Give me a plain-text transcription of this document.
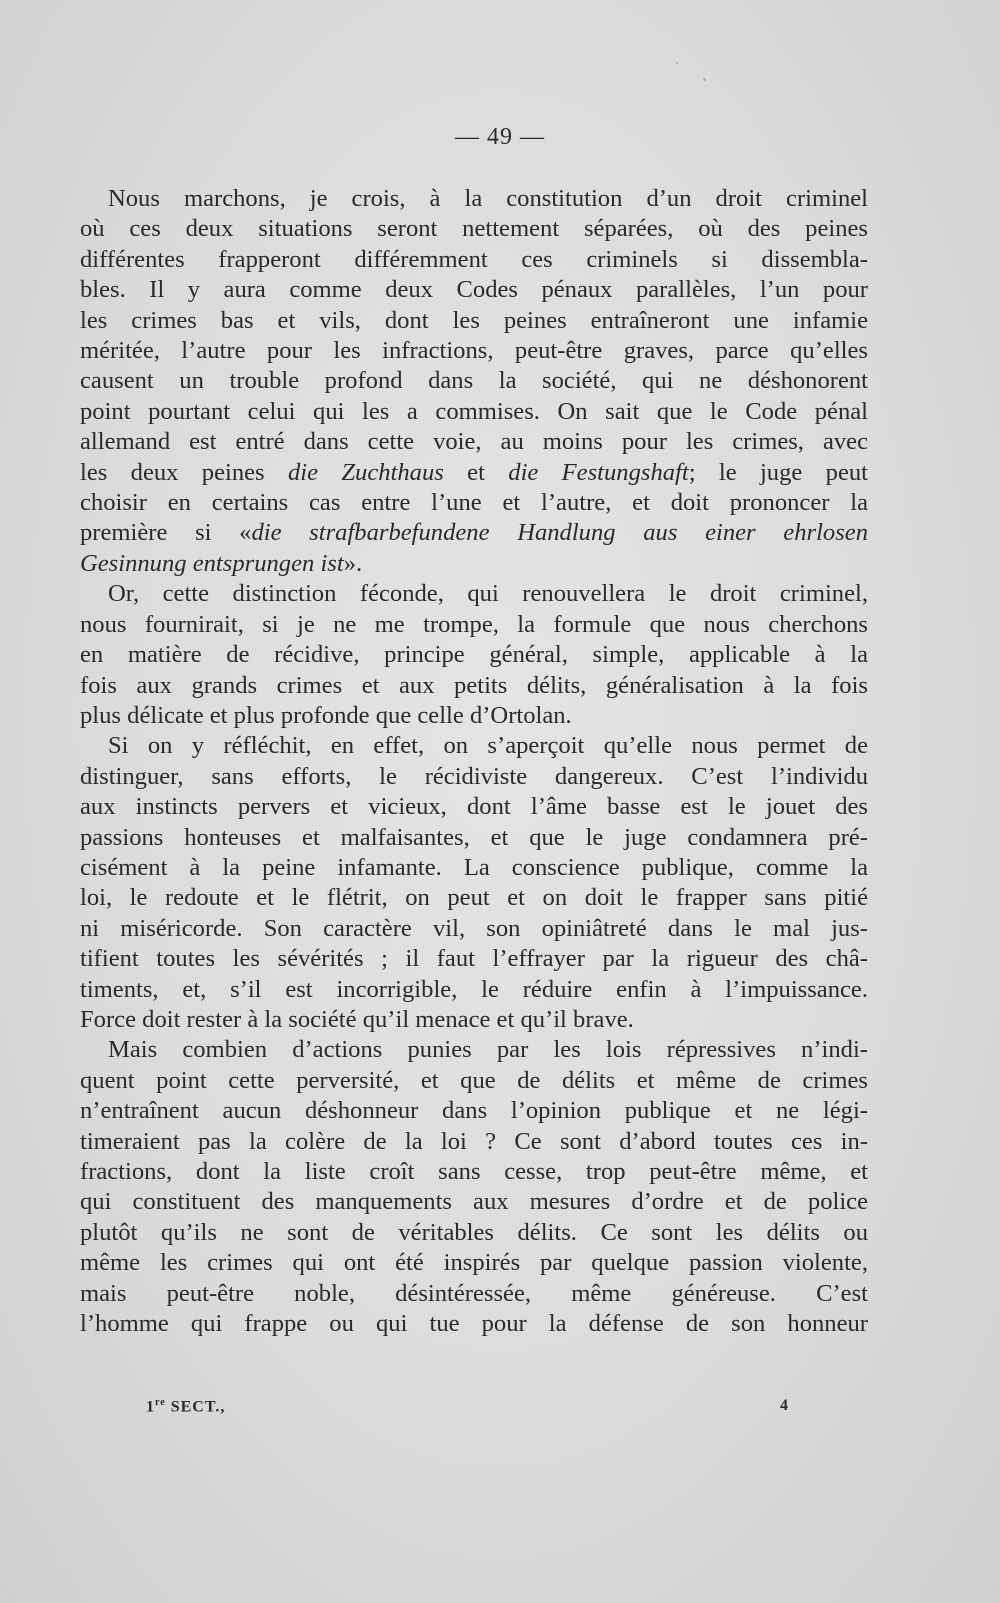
— 49 —
Nous marchons, je crois, à la constitution d’un droit criminel
où ces deux situations seront nettement séparées, où des peines
différentes frapperont différemment ces criminels si dissembla-
bles. Il y aura comme deux Codes pénaux parallèles, l’un pour
les crimes bas et vils, dont les peines entraîneront une infamie
méritée, l’autre pour les infractions, peut-être graves, parce qu’elles
causent un trouble profond dans la société, qui ne déshonorent
point pourtant celui qui les a commises. On sait que le Code pénal
allemand est entré dans cette voie, au moins pour les crimes, avec
les deux peines die Zuchthaus et die Festungshaft; le juge peut
choisir en certains cas entre l’une et l’autre, et doit prononcer la
première si «die strafbarbefundene Handlung aus einer ehrlosen
Gesinnung entsprungen ist».
Or, cette distinction féconde, qui renouvellera le droit criminel,
nous fournirait, si je ne me trompe, la formule que nous cherchons
en matière de récidive, principe général, simple, applicable à la
fois aux grands crimes et aux petits délits, généralisation à la fois
plus délicate et plus profonde que celle d’Ortolan.
Si on y réfléchit, en effet, on s’aperçoit qu’elle nous permet de
distinguer, sans efforts, le récidiviste dangereux. C’est l’individu
aux instincts pervers et vicieux, dont l’âme basse est le jouet des
passions honteuses et malfaisantes, et que le juge condamnera pré-
cisément à la peine infamante. La conscience publique, comme la
loi, le redoute et le flétrit, on peut et on doit le frapper sans pitié
ni miséricorde. Son caractère vil, son opiniâtreté dans le mal jus-
tifient toutes les sévérités ; il faut l’effrayer par la rigueur des châ-
timents, et, s’il est incorrigible, le réduire enfin à l’impuissance.
Force doit rester à la société qu’il menace et qu’il brave.
Mais combien d’actions punies par les lois répressives n’indi-
quent point cette perversité, et que de délits et même de crimes
n’entraînent aucun déshonneur dans l’opinion publique et ne légi-
timeraient pas la colère de la loi ? Ce sont d’abord toutes ces in-
fractions, dont la liste croît sans cesse, trop peut-être même, et
qui constituent des manquements aux mesures d’ordre et de police
plutôt qu’ils ne sont de véritables délits. Ce sont les délits ou
même les crimes qui ont été inspirés par quelque passion violente,
mais peut-être noble, désintéressée, même généreuse. C’est
l’homme qui frappe ou qui tue pour la défense de son honneur
1re SECT.,	4
